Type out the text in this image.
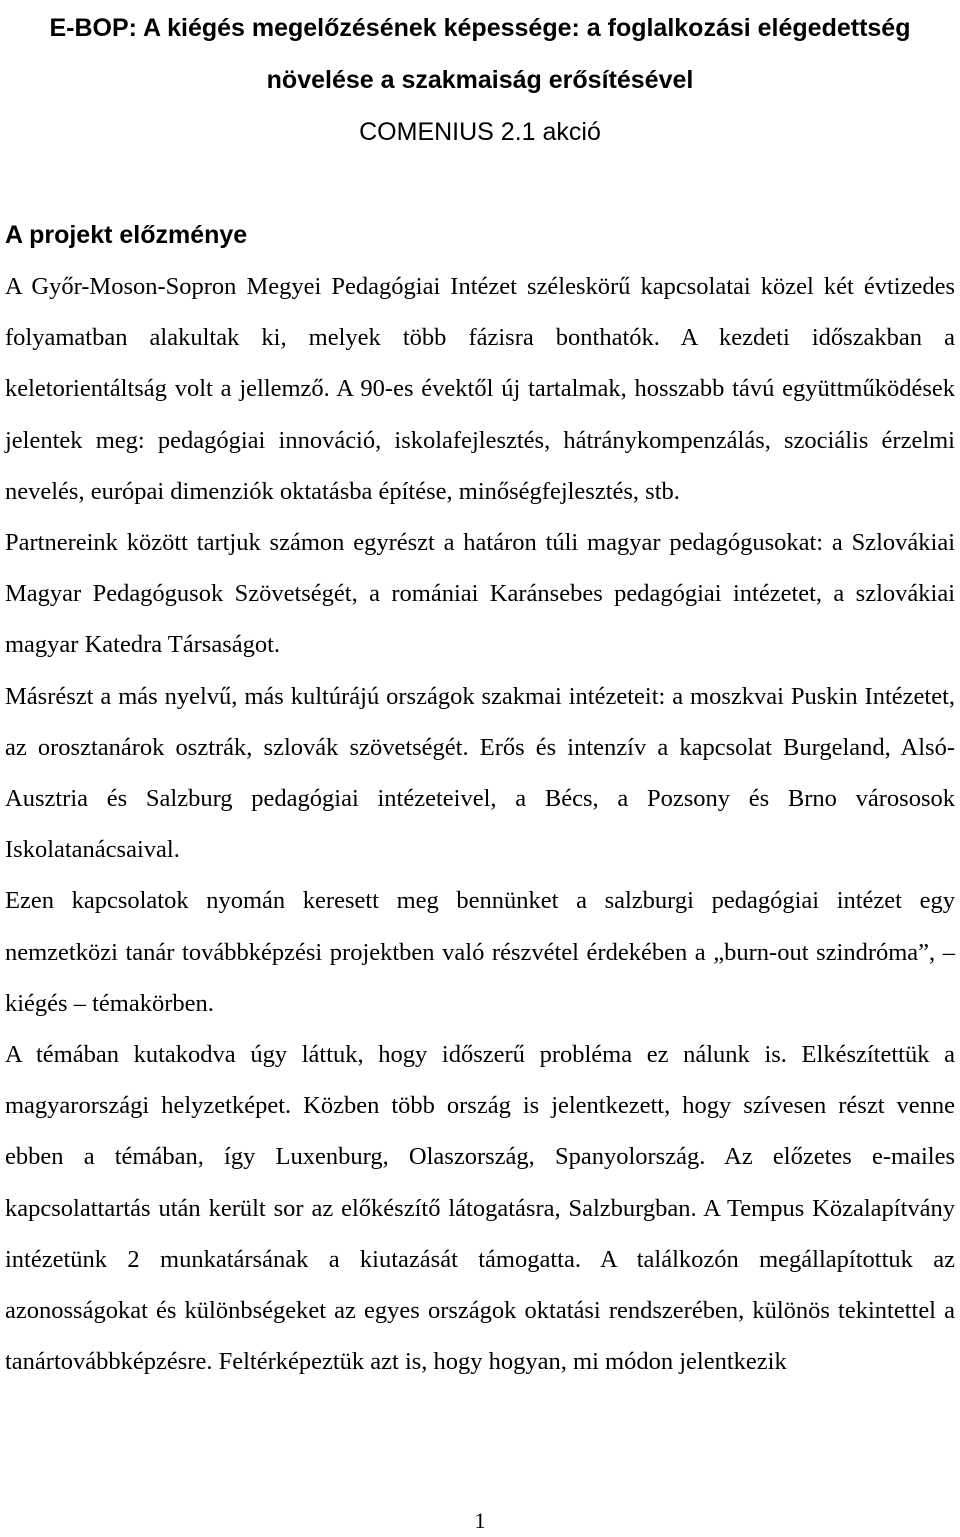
E-BOP: A kiégés megelőzésének képessége: a foglalkozási elégedettség
növelése a szakmaiság erősítésével
COMENIUS 2.1 akció
A projekt előzménye

A Győr-Moson-Sopron Megyei Pedagógiai Intézet széleskörű kapcsolatai közel két évtizedes folyamatban alakultak ki, melyek több fázisra bonthatók. A kezdeti időszakban a keletorientáltság volt a jellemző. A 90-es évektől új tartalmak, hosszabb távú együttműködések jelentek meg: pedagógiai innováció, iskolafejlesztés, hátránykompenzálás, szociális érzelmi nevelés, európai dimenziók oktatásba építése, minőségfejlesztés, stb.

Partnereink között tartjuk számon egyrészt a határon túli magyar pedagógusokat: a Szlovákiai Magyar Pedagógusok Szövetségét, a romániai Karánsebes pedagógiai intézetet, a szlovákiai magyar Katedra Társaságot.

Másrészt a más nyelvű, más kultúrájú országok szakmai intézeteit: a moszkvai Puskin Intézetet, az orosztanárok osztrák, szlovák szövetségét. Erős és intenzív a kapcsolat Burgeland, Alsó-Ausztria és Salzburg pedagógiai intézeteivel, a Bécs, a Pozsony és Brno várososok Iskolatanácsaival.

Ezen kapcsolatok nyomán keresett meg bennünket a salzburgi pedagógiai intézet egy nemzetközi tanár továbbképzési projektben való részvétel érdekében a „burn-out szindróma”, – kiégés – témakörben.

A témában kutakodva úgy láttuk, hogy időszerű probléma ez nálunk is. Elkészítettük a magyarországi helyzetképet. Közben több ország is jelentkezett, hogy szívesen részt venne ebben a témában, így Luxenburg, Olaszország, Spanyolország. Az előzetes e-mailes kapcsolattartás után került sor az előkészítő látogatásra, Salzburgban. A Tempus Közalapítvány intézetünk 2 munkatársának a kiutazását támogatta. A találkozón megállapítottuk az azonosságokat és különbségeket az egyes országok oktatási rendszerében, különös tekintettel a tanártovábbképzésre. Feltérképeztük azt is, hogy hogyan, mi módon jelentkezik

1
